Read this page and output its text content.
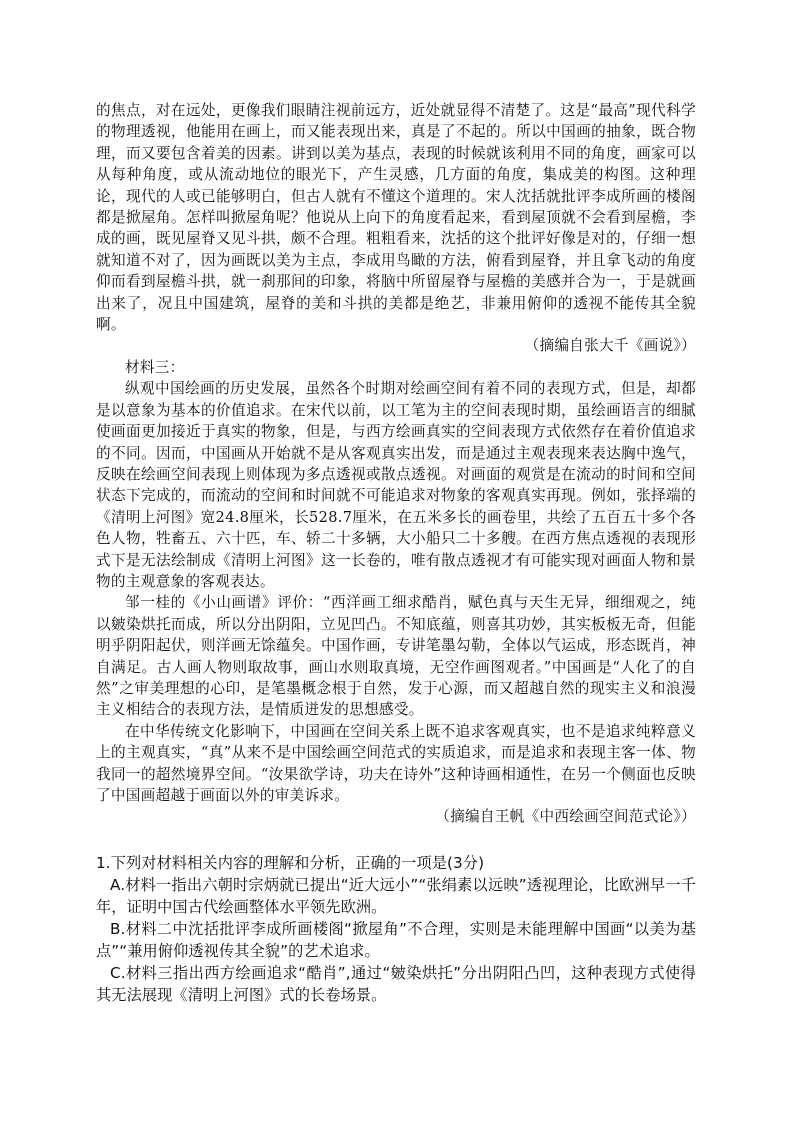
的焦点，对在远处，更像我们眼睛注视前远方，近处就显得不清楚了。这是“最高”现代科学的物理透视，他能用在画上，而又能表现出来，真是了不起的。所以中国画的抽象，既合物理，而又要包含着美的因素。讲到以美为基点，表现的时候就该利用不同的角度，画家可以从每种角度，或从流动地位的眼光下，产生灵感，几方面的角度，集成美的构图。这种理论，现代的人或已能够明白，但古人就有不懂这个道理的。宋人沈括就批评李成所画的楼阁都是掀屋角。怎样叫掀屋角呢？他说从上向下的角度看起来，看到屋顶就不会看到屋檐，李成的画，既见屋脊又见斗拱，颇不合理。粗粗看来，沈括的这个批评好像是对的，仔细一想就知道不对了，因为画既以美为主点，李成用鸟瞰的方法，俯看到屋脊，并且拿飞动的角度仰而看到屋檐斗拱，就一刹那间的印象，将脑中所留屋脊与屋檐的美感并合为一，于是就画出来了，况且中国建筑，屋脊的美和斗拱的美都是绝艺，非兼用俯仰的透视不能传其全貌啊。

（摘编自张大千《画说》）

材料三：

纵观中国绘画的历史发展，虽然各个时期对绘画空间有着不同的表现方式，但是，却都是以意象为基本的价值追求。在宋代以前，以工笔为主的空间表现时期，虽绘画语言的细腻使画面更加接近于真实的物象，但是，与西方绘画真实的空间表现方式依然存在着价值追求的不同。因而，中国画从开始就不是从客观真实出发，而是通过主观表现来表达胸中逸气，反映在绘画空间表现上则体现为多点透视或散点透视。对画面的观赏是在流动的时间和空间状态下完成的，而流动的空间和时间就不可能追求对物象的客观真实再现。例如，张择端的《清明上河图》宽24.8厘米，长528.7厘米，在五米多长的画卷里，共绘了五百五十多个各色人物，牲畜五、六十匹，车、轿二十多辆，大小船只二十多艘。在西方焦点透视的表现形式下是无法绘制成《清明上河图》这一长卷的，唯有散点透视才有可能实现对画面人物和景物的主观意象的客观表达。

邹一桂的《小山画谱》评价：“西洋画工细求酷肖，赋色真与天生无异，细细观之，纯以皴染烘托而成，所以分出阴阳，立见凹凸。不知底蕴，则喜其功妙，其实板板无奇，但能明乎阴阳起伏，则洋画无馀蕴矣。中国作画，专讲笔墨勾勒，全体以气运成，形态既肖，神自满足。古人画人物则取故事，画山水则取真境，无空作画图观者。”中国画是“人化了的自然”之审美理想的心印，是笔墨概念根于自然，发于心源，而又超越自然的现实主义和浪漫主义相结合的表现方法，是情质迸发的思想感受。

在中华传统文化影响下，中国画在空间关系上既不追求客观真实，也不是追求纯粹意义上的主观真实，“真”从来不是中国绘画空间范式的实质追求，而是追求和表现主客一体、物我同一的超然境界空间。“汝果欲学诗，功夫在诗外”这种诗画相通性，在另一个侧面也反映了中国画超越于画面以外的审美诉求。

（摘编自王帆《中西绘画空间范式论》）

1.下列对材料相关内容的理解和分析，正确的一项是(3分)

A.材料一指出六朝时宗炳就已提出“近大远小”“张绢素以远映”透视理论，比欧洲早一千年，证明中国古代绘画整体水平领先欧洲。

B.材料二中沈括批评李成所画楼阁“掀屋角”不合理，实则是未能理解中国画“以美为基点”“兼用俯仰透视传其全貌”的艺术追求。

C.材料三指出西方绘画追求“酷肖”,通过“皴染烘托”分出阴阳凸凹，这种表现方式使得其无法展现《清明上河图》式的长卷场景。
